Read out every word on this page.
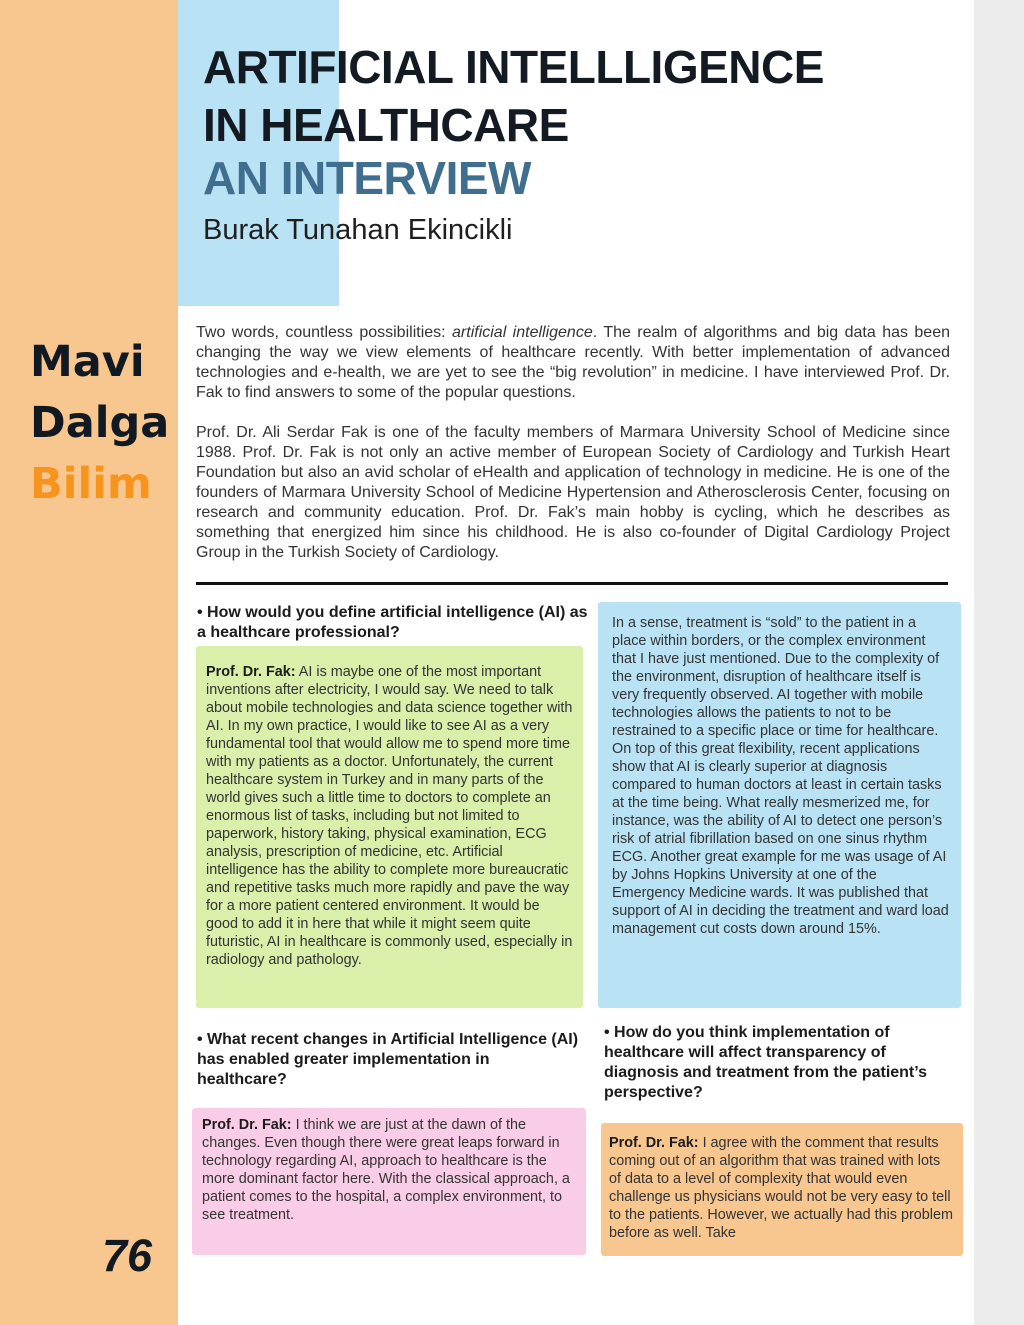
ARTIFICIAL INTELLLIGENCE
IN HEALTHCARE
AN INTERVIEW
Burak Tunahan Ekincikli
Mavi
Dalga
Bilim

Two words, countless possibilities: artificial intelligence. The realm of algorithms and big data has been changing the way we view elements of healthcare recently. With better implementation of advanced technologies and e-health, we are yet to see the “big revolution” in medicine. I have interviewed Prof. Dr. Fak to find answers to some of the popular questions.

Prof. Dr. Ali Serdar Fak is one of the faculty members of Marmara University School of Medicine since 1988. Prof. Dr. Fak is not only an active member of European Society of Cardiology and Turkish Heart Foundation but also an avid scholar of eHealth and application of technology in medicine. He is one of the founders of Marmara University School of Medicine Hypertension and Atherosclerosis Center, focusing on research and community education. Prof. Dr. Fak’s main hobby is cycling, which he describes as something that energized him since his childhood. He is also co-founder of Digital Cardiology Project Group in the Turkish Society of Cardiology.

• How would you define artificial intelligence (AI) as a healthcare professional?

Prof. Dr. Fak: AI is maybe one of the most important inventions after electricity, I would say. We need to talk about mobile technologies and data science together with AI. In my own practice, I would like to see AI as a very fundamental tool that would allow me to spend more time with my patients as a doctor. Unfortunately, the current healthcare system in Turkey and in many parts of the world gives such a little time to doctors to complete an enormous list of tasks, including but not limited to paperwork, history taking, physical examination, ECG analysis, prescription of medicine, etc. Artificial intelligence has the ability to complete more bureaucratic and repetitive tasks much more rapidly and pave the way for a more patient centered environment. It would be good to add it in here that while it might seem quite futuristic, AI in healthcare is commonly used, especially in radiology and pathology.
In a sense, treatment is “sold” to the patient in a place within borders, or the complex environment that I have just mentioned. Due to the complexity of the environment, disruption of healthcare itself is very frequently observed. AI together with mobile technologies allows the patients to not to be restrained to a specific place or time for healthcare. On top of this great flexibility, recent applications show that AI is clearly superior at diagnosis compared to human doctors at least in certain tasks at the time being. What really mesmerized me, for instance, was the ability of AI to detect one person’s risk of atrial fibrillation based on one sinus rhythm ECG. Another great example for me was usage of AI by Johns Hopkins University at one of the Emergency Medicine wards. It was published that support of AI in deciding the treatment and ward load management cut costs down around 15%.

• What recent changes in Artificial Intelligence (AI) has enabled greater implementation in healthcare?

Prof. Dr. Fak: I think we are just at the dawn of the changes. Even though there were great leaps forward in technology regarding AI, approach to healthcare is the more dominant factor here. With the classical approach, a patient comes to the hospital, a complex environment, to see treatment.

• How do you think implementation of healthcare will affect transparency of diagnosis and treatment from the patient’s perspective?

Prof. Dr. Fak: I agree with the comment that results coming out of an algorithm that was trained with lots of data to a level of complexity that would even challenge us physicians would not be very easy to tell to the patients. However, we actually had this problem before as well. Take
76
